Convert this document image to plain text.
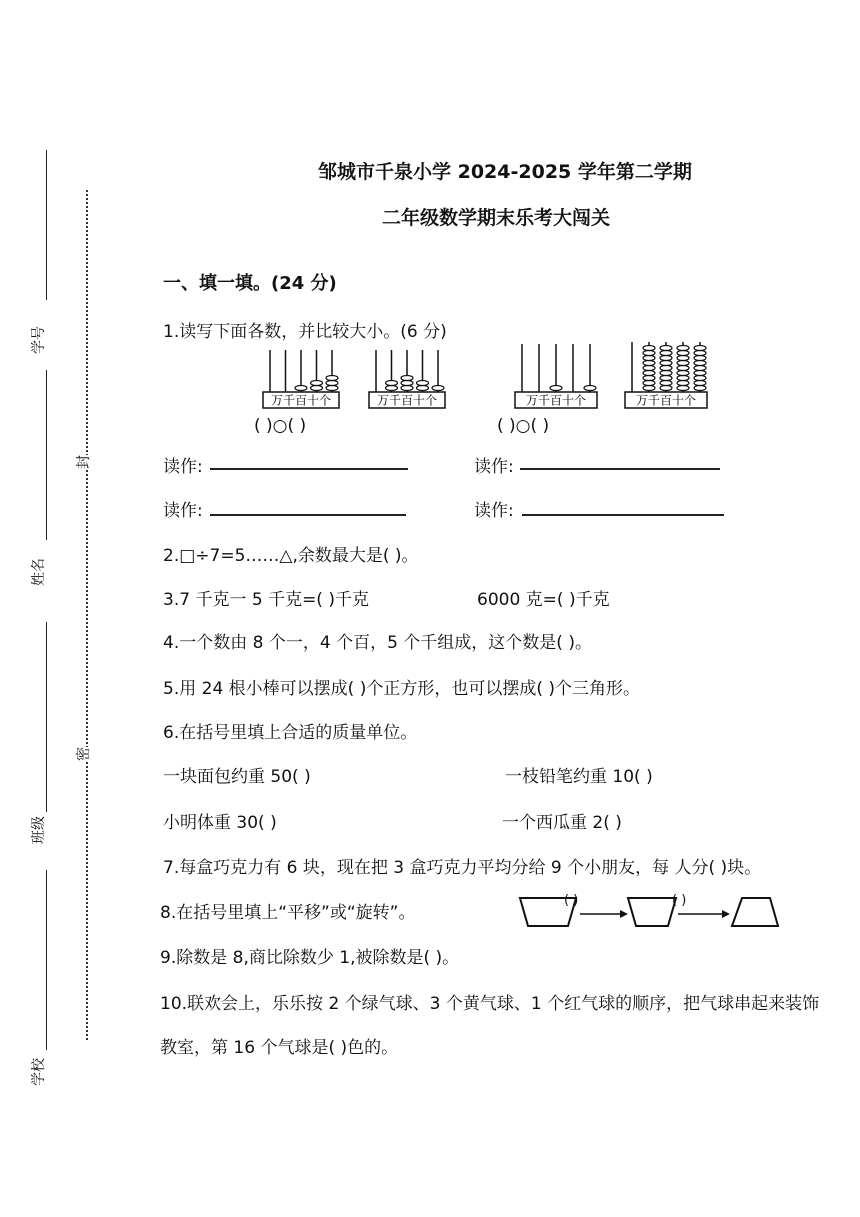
学号
姓名
班级
学校
封
密
邹城市千泉小学 2024-2025 学年第二学期
二年级数学期末乐考大闯关
一、填一填。(24 分)
1.读写下面各数，并比较大小。(6 分)
万千百十个	万千百十个	万千百十个	万千百十个
( )○( )	( )○( )
读作:	读作:
读作:	读作:
2.□÷7=5……△,余数最大是( )。
3.7 千克一 5 千克=( )千克	6000 克=( )千克
4.一个数由 8 个一，4 个百，5 个千组成，这个数是( )。
5.用 24 根小棒可以摆成( )个正方形，也可以摆成( )个三角形。
6.在括号里填上合适的质量单位。
一块面包约重 50( )	一枝铅笔约重 10( )
小明体重 30( )	一个西瓜重 2( )
7.每盒巧克力有 6 块，现在把 3 盒巧克力平均分给 9 个小朋友，每 人分( )块。
8.在括号里填上“平移”或“旋转”。
( )	( )
9.除数是 8,商比除数少 1,被除数是( )。
10.联欢会上，乐乐按 2 个绿气球、3 个黄气球、1 个红气球的顺序，把气球串起来装饰
教室，第 16 个气球是( )色的。
